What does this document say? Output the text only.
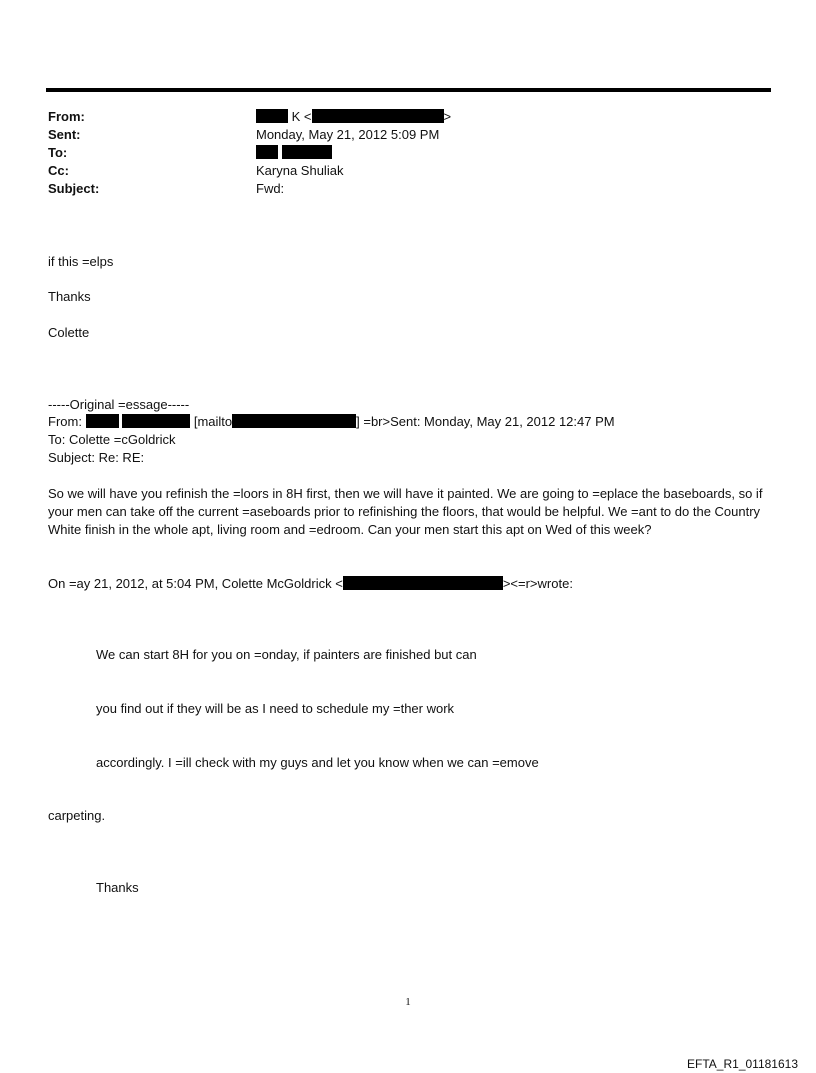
From:	K <	>
Sent:	Monday, May 21, 2012 5:09 PM
To:

Cc:	Karyna Shuliak
Subject:	Fwd:
if this =elps
Thanks
Colette
-----Original =essage-----
From:	[mailto	] =br>Sent: Monday, May 21, 2012 12:47 PM
To: Colette =cGoldrick
Subject: Re: RE:
So we will have you refinish the =loors in 8H first, then we will have it painted. We are going to =eplace the baseboards, so if your men can take off the current =aseboards prior to refinishing the floors, that would be helpful. We =ant to do the Country White finish in the whole apt, living room and =edroom. Can your men start this apt on Wed of this week?
On =ay 21, 2012, at 5:04 PM, Colette McGoldrick <	><=r>wrote:
We can start 8H for you on =onday, if painters are finished but can
you find out if they will be as I need to schedule my =ther work
accordingly. I =ill check with my guys and let you know when we can =emove
carpeting.
Thanks
1
EFTA_R1_01181613
